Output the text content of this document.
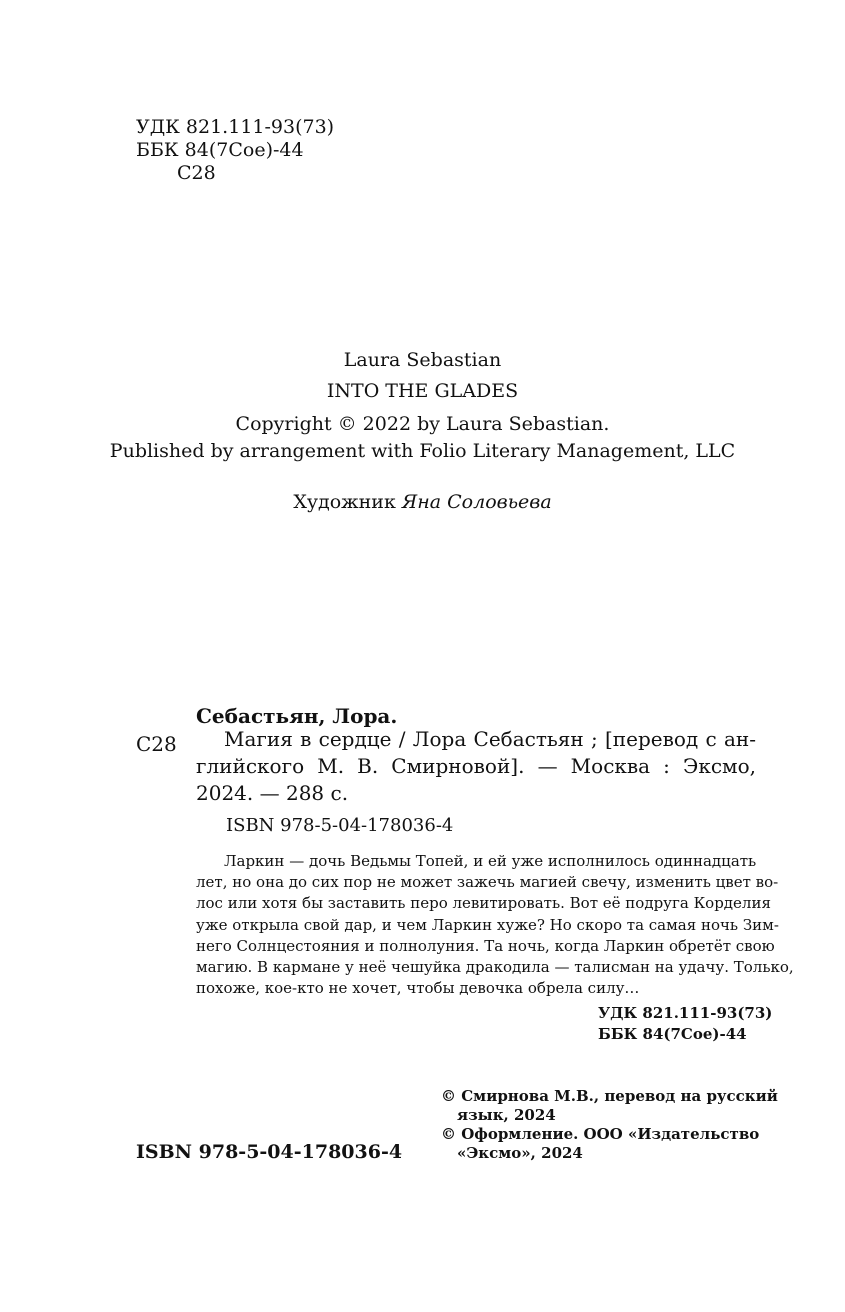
УДК 821.111-93(73)
ББК 84(7Сое)-44
С28
Laura Sebastian
INTO THE GLADES
Copyright © 2022 by Laura Sebastian.
Published by arrangement with Folio Literary Management, LLC
Художник Яна Соловьева
Себастьян, Лора.
С28	Магия в сердце / Лора Себастьян ; [перевод с ан-
глийского М. В. Смирновой]. — Москва : Эксмо,
2024. — 288 с.
ISBN 978-5-04-178036-4
Ларкин — дочь Ведьмы Топей, и ей уже исполнилось одиннадцать
лет, но она до сих пор не может зажечь магией свечу, изменить цвет во-
лос или хотя бы заставить перо левитировать. Вот её подруга Корделия
уже открыла свой дар, и чем Ларкин хуже? Но скоро та самая ночь Зим-
него Солнцестояния и полнолуния. Та ночь, когда Ларкин обретёт свою
магию. В кармане у неё чешуйка дракодила — талисман на удачу. Только,
похоже, кое-кто не хочет, чтобы девочка обрела силу…
УДК 821.111-93(73)
ББК 84(7Сое)-44
ISBN 978-5-04-178036-4
© Смирнова М.В., перевод на русский
язык, 2024
© Оформление. ООО «Издательство
«Эксмо», 2024
